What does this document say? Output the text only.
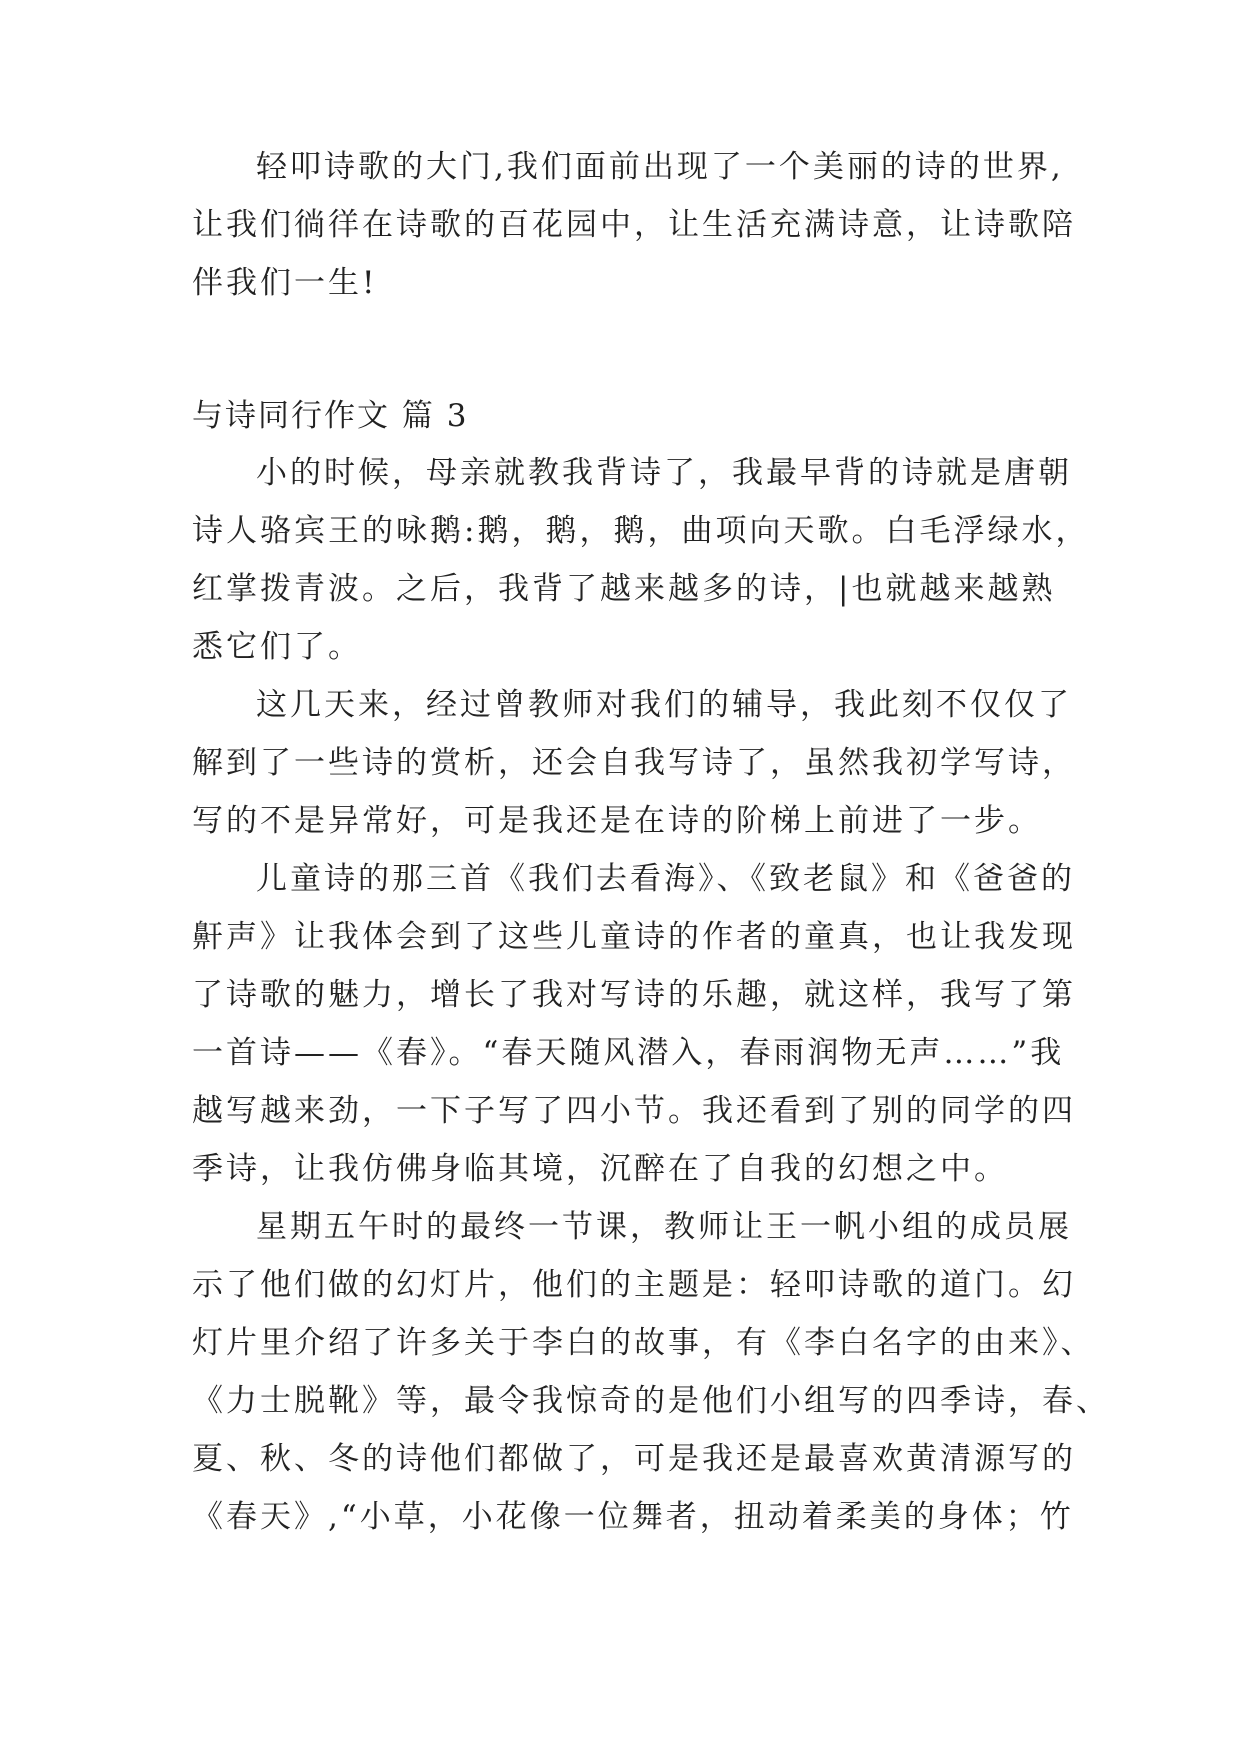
轻叩诗歌的大门,我们面前出现了一个美丽的诗的世界,
让我们徜徉在诗歌的百花园中，让生活充满诗意，让诗歌陪
伴我们一生!
与诗同行作文 篇 3
小的时候，母亲就教我背诗了，我最早背的诗就是唐朝
诗人骆宾王的咏鹅:鹅，鹅，鹅，曲项向天歌。白毛浮绿水，
红掌拨青波。之后，我背了越来越多的诗，|也就越来越熟
悉它们了。
这几天来，经过曾教师对我们的辅导，我此刻不仅仅了
解到了一些诗的赏析，还会自我写诗了，虽然我初学写诗，
写的不是异常好，可是我还是在诗的阶梯上前进了一步。
儿童诗的那三首《我们去看海》、《致老鼠》和《爸爸的
鼾声》让我体会到了这些儿童诗的作者的童真，也让我发现
了诗歌的魅力，增长了我对写诗的乐趣，就这样，我写了第
一首诗——《春》。“春天随风潜入，春雨润物无声……”我
越写越来劲，一下子写了四小节。我还看到了别的同学的四
季诗，让我仿佛身临其境，沉醉在了自我的幻想之中。
星期五午时的最终一节课，教师让王一帆小组的成员展
示了他们做的幻灯片，他们的主题是：轻叩诗歌的道门。幻
灯片里介绍了许多关于李白的故事，有《李白名字的由来》、
《力士脱靴》等，最令我惊奇的是他们小组写的四季诗，春、
夏、秋、冬的诗他们都做了，可是我还是最喜欢黄清源写的
《春天》,“小草，小花像一位舞者，扭动着柔美的身体；竹
